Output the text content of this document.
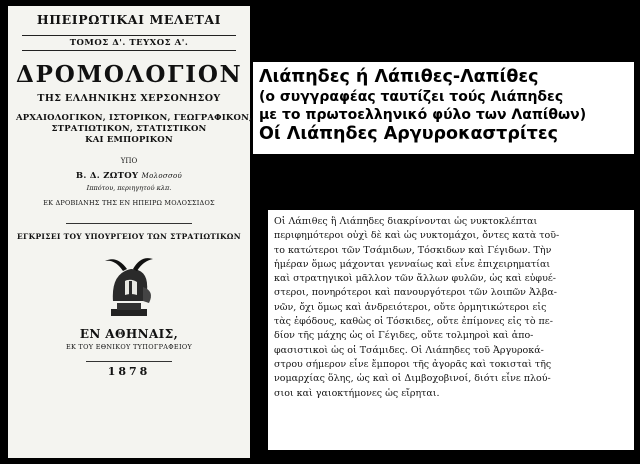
ΗΠΕΙΡΩΤΙΚΑΙ ΜΕΛΕΤΑΙ
ΤΟΜΟΣ Δ'. ΤΕΥΧΟΣ Α'.
ΔΡΟΜΟΛΟΓΙΟΝ
ΤΗΣ ΕΛΛΗΝΙΚΗΣ ΧΕΡΣΟΝΗΣΟΥ
ΑΡΧΑΙΟΛΟΓΙΚΟΝ, ΙΣΤΟΡΙΚΟΝ, ΓΕΩΓΡΑΦΙΚΟΝ,
ΣΤΡΑΤΙΩΤΙΚΟΝ, ΣΤΑΤΙΣΤΙΚΟΝ
ΚΑΙ ΕΜΠΟΡΙΚΟΝ
ΥΠΟ
Β. Δ. ΖΩΤΟΥ Μολοσσού
Ιππότου, περιηγητού κλπ.
ΕΚ ΔΡΟΒΙΑΝΗΣ ΤΗΣ ΕΝ ΗΠΕΙΡΩ ΜΟΛΟΣΣΙΔΟΣ
ΕΓΚΡΙΣΕΙ ΤΟΥ ΥΠΟΥΡΓΕΙΟΥ ΤΩΝ ΣΤΡΑΤΙΩΤΙΚΩΝ
ΕΝ ΑΘΗΝΑΙΣ,
ΕΚ ΤΟΥ ΕΘΝΙΚΟΥ ΤΥΠΟΓΡΑΦΕΙΟΥ
1878
Λιάπηδες ή Λάπιθες-Λαπίθες
(ο συγγραφέας ταυτίζει τούς Λιάπηδες
με το πρωτοελληνικό φύλο των Λαπίθων)
Οί Λιάπηδες Αργυροκαστρίτες
Οἱ Λάπιθες ἢ Λιάπηδες διακρίνονται ὡς νυκτοκλέπται
περιφημότεροι οὐχὶ δὲ καὶ ὡς νυκτομάχοι, ὄντες κατὰ τοῦ-
το κατώτεροι τῶν Τσάμιδων, Τόσκιδων καὶ Γέγιδων. Τὴν
ἡμέραν ὅμως μάχονται γενναίως καὶ εἶνε ἐπιχειρηματίαι
καὶ στρατηγικοὶ μᾶλλον τῶν ἄλλων φυλῶν, ὡς καὶ εὐφυέ-
στεροι, πονηρότεροι καὶ πανουργότεροι τῶν λοιπῶν Ἀλβα-
νῶν, ὄχι ὅμως καὶ ἀνδρειότεροι, οὔτε ὁρμητικώτεροι εἰς
τὰς ἐφόδους, καθὼς οἱ Τόσκιδες, οὔτε ἐπίμονες εἰς τὸ πε-
δίον τῆς μάχης ὡς οἱ Γέγιδες, οὔτε τολμηροὶ καὶ ἀπο-
φασιστικοὶ ὡς οἱ Τσάμιδες. Οἱ Λιάπηδες τοῦ Ἀργυροκά-
στρου σήμερον εἶνε ἔμποροι τῆς ἀγορᾶς καὶ τοκισταὶ τῆς
νομαρχίας ὅλης, ὡς καὶ οἱ Διμβοχοβινοί, διότι εἶνε πλού-
σιοι καὶ γαιοκτήμονες ὡς εἴρηται.
